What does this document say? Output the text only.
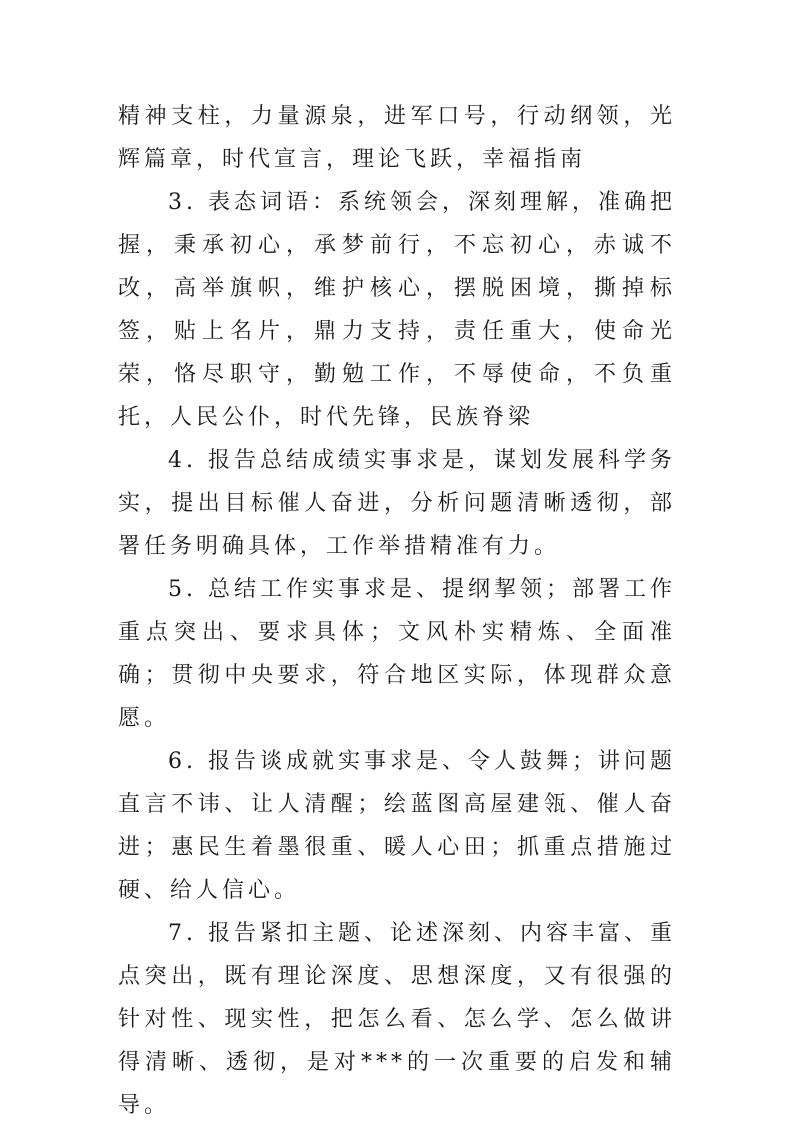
精神支柱，力量源泉，进军口号，行动纲领，光辉篇章，时代宣言，理论飞跃，幸福指南

3. 表态词语：系统领会，深刻理解，准确把握，秉承初心，承梦前行，不忘初心，赤诚不改，高举旗帜，维护核心，摆脱困境，撕掉标签，贴上名片，鼎力支持，责任重大，使命光荣，恪尽职守，勤勉工作，不辱使命，不负重托，人民公仆，时代先锋，民族脊梁

4. 报告总结成绩实事求是，谋划发展科学务实，提出目标催人奋进，分析问题清晰透彻，部署任务明确具体，工作举措精准有力。

5. 总结工作实事求是、提纲挈领；部署工作重点突出、要求具体；文风朴实精炼、全面准确；贯彻中央要求，符合地区实际，体现群众意愿。

6. 报告谈成就实事求是、令人鼓舞；讲问题直言不讳、让人清醒；绘蓝图高屋建瓴、催人奋进；惠民生着墨很重、暖人心田；抓重点措施过硬、给人信心。

7. 报告紧扣主题、论述深刻、内容丰富、重点突出，既有理论深度、思想深度，又有很强的针对性、现实性，把怎么看、怎么学、怎么做讲得清晰、透彻，是对***的一次重要的启发和辅导。
